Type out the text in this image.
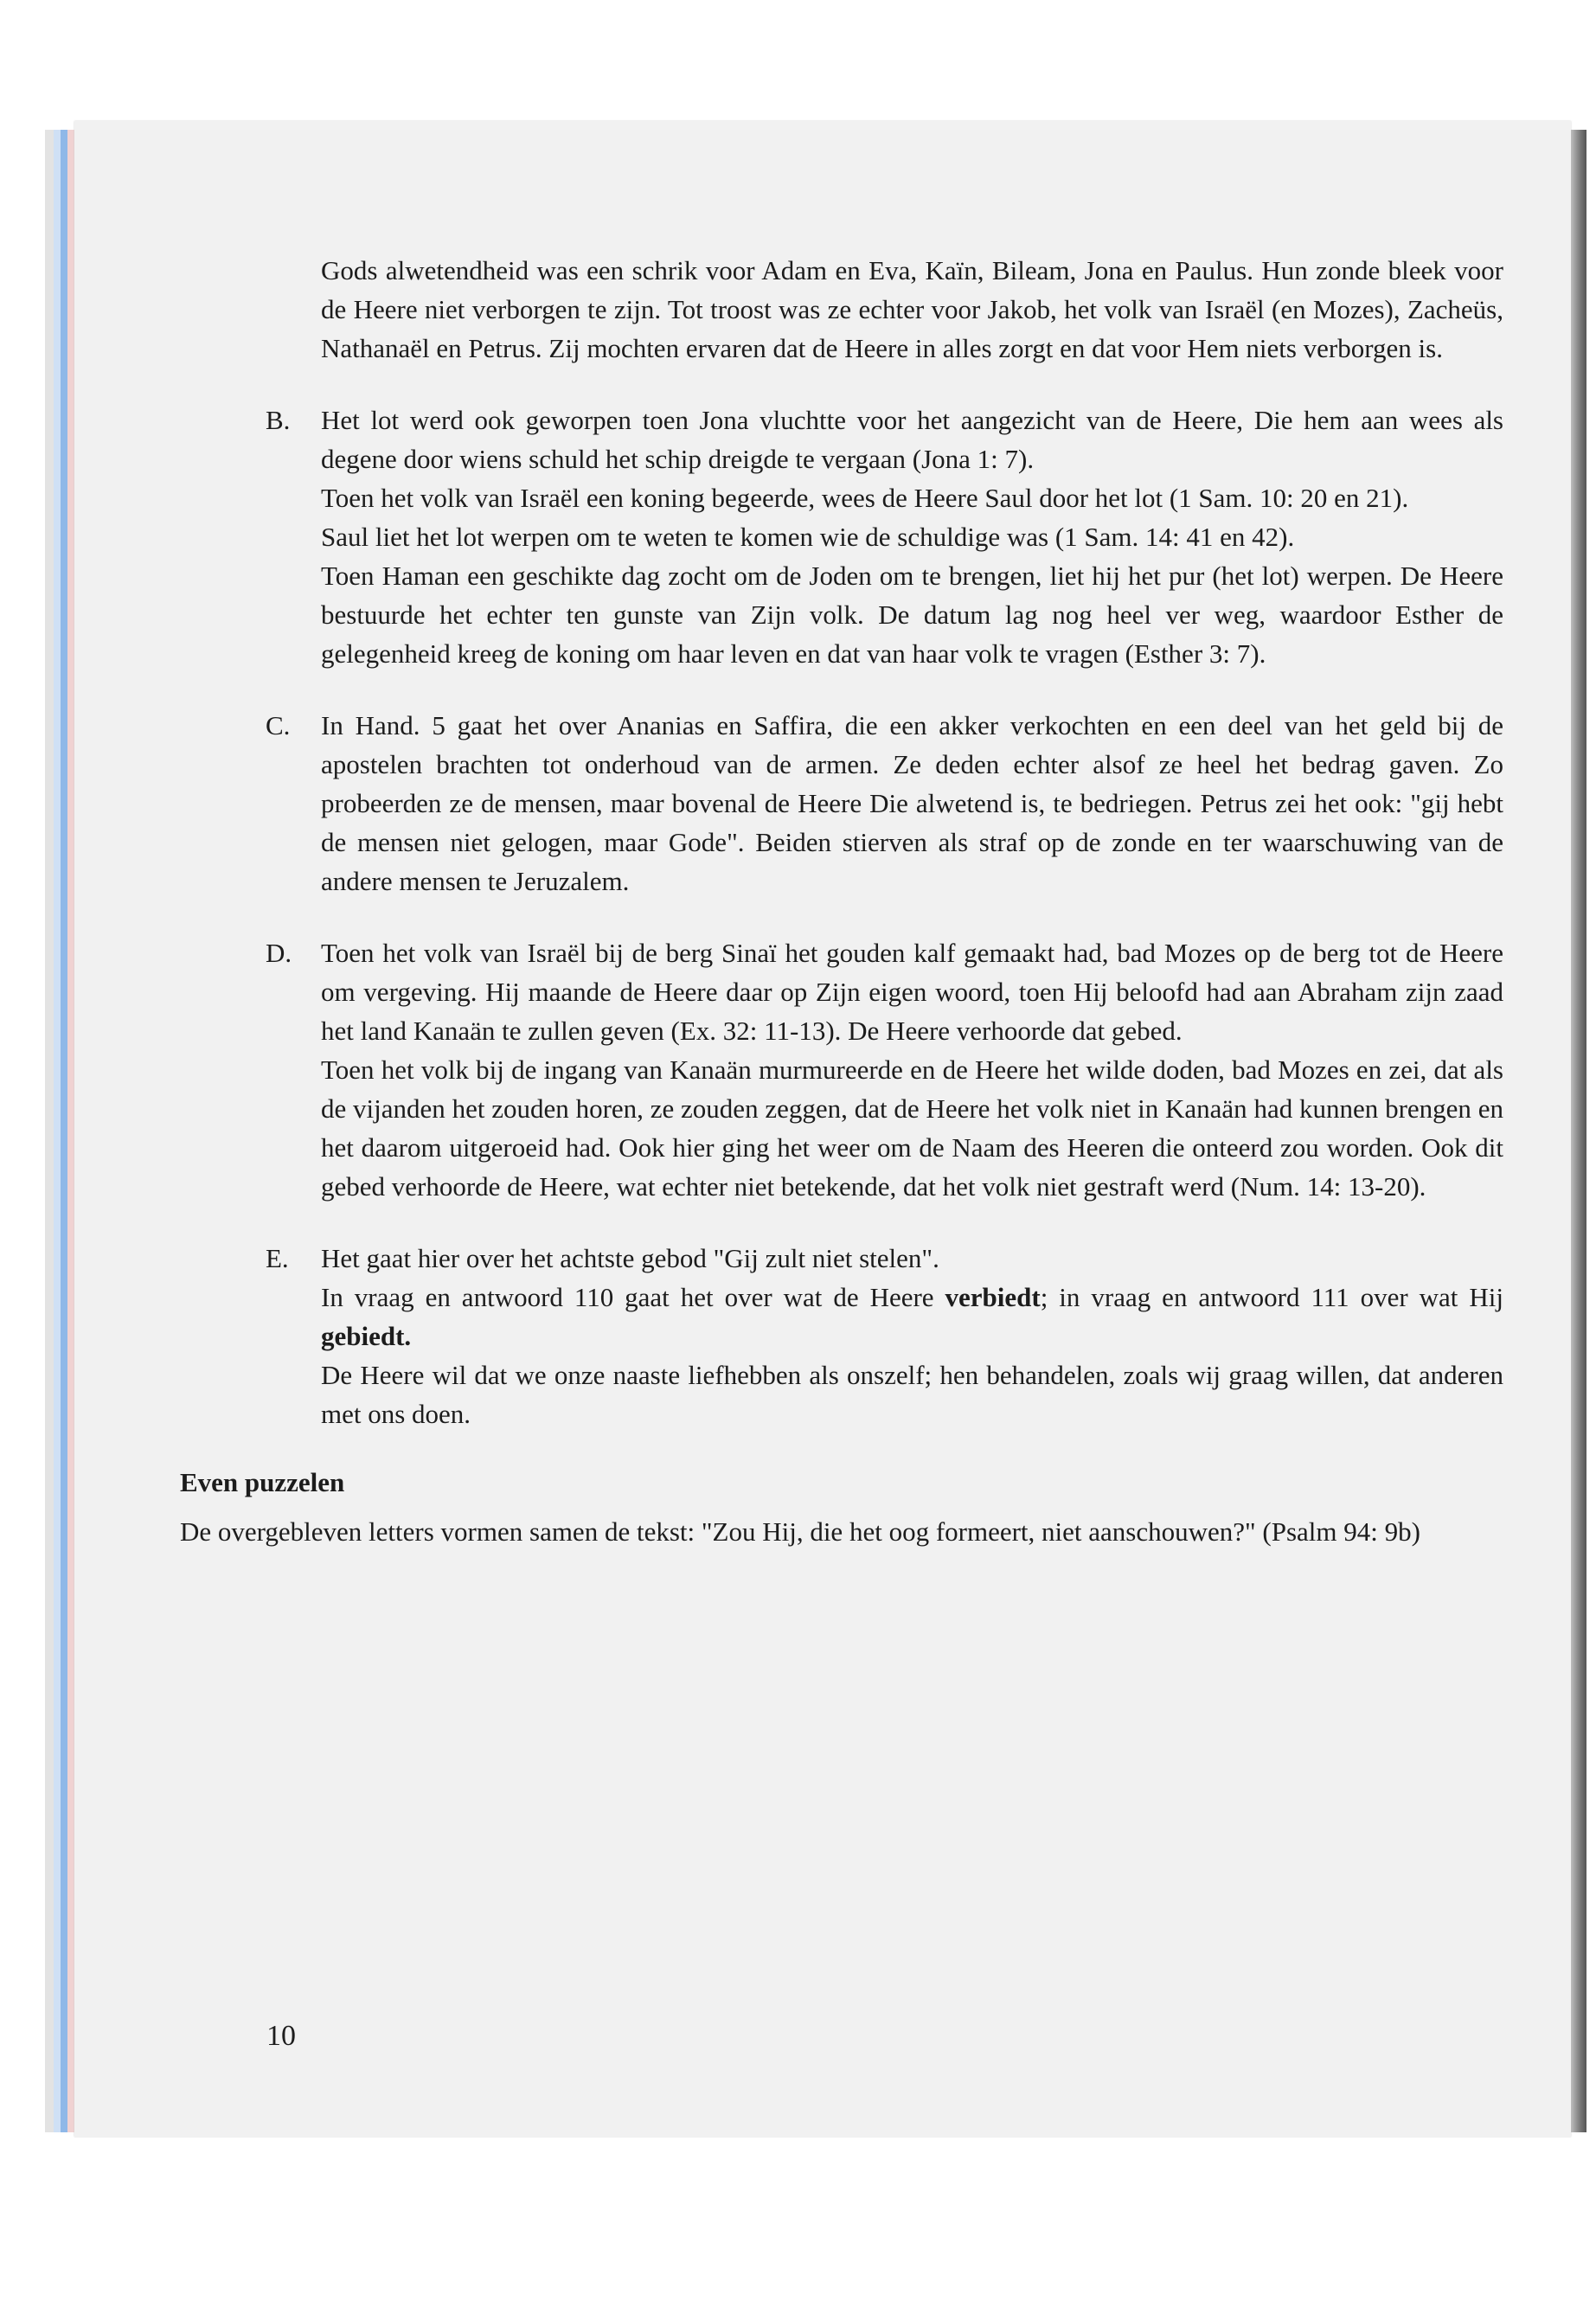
Gods alwetendheid was een schrik voor Adam en Eva, Kaïn, Bileam, Jona en Paulus. Hun zonde bleek voor de Heere niet verborgen te zijn. Tot troost was ze echter voor Jakob, het volk van Israël (en Mozes), Zacheüs, Nathanaël en Petrus. Zij mochten ervaren dat de Heere in alles zorgt en dat voor Hem niets verborgen is.

B. Het lot werd ook geworpen toen Jona vluchtte voor het aangezicht van de Heere, Die hem aan wees als degene door wiens schuld het schip dreigde te vergaan (Jona 1: 7).

Toen het volk van Israël een koning begeerde, wees de Heere Saul door het lot (1 Sam. 10: 20 en 21).

Saul liet het lot werpen om te weten te komen wie de schuldige was (1 Sam. 14: 41 en 42).

Toen Haman een geschikte dag zocht om de Joden om te brengen, liet hij het pur (het lot) werpen. De Heere bestuurde het echter ten gunste van Zijn volk. De datum lag nog heel ver weg, waardoor Esther de gelegenheid kreeg de koning om haar leven en dat van haar volk te vragen (Esther 3: 7).

C. In Hand. 5 gaat het over Ananias en Saffira, die een akker verkochten en een deel van het geld bij de apostelen brachten tot onderhoud van de armen. Ze deden echter alsof ze heel het bedrag gaven. Zo probeerden ze de mensen, maar bovenal de Heere Die alwetend is, te bedriegen. Petrus zei het ook: "gij hebt de mensen niet gelogen, maar Gode". Beiden stierven als straf op de zonde en ter waarschuwing van de andere mensen te Jeruzalem.

D. Toen het volk van Israël bij de berg Sinaï het gouden kalf gemaakt had, bad Mozes op de berg tot de Heere om vergeving. Hij maande de Heere daar op Zijn eigen woord, toen Hij beloofd had aan Abraham zijn zaad het land Kanaän te zullen geven (Ex. 32: 11-13). De Heere verhoorde dat gebed.

Toen het volk bij de ingang van Kanaän murmureerde en de Heere het wilde doden, bad Mozes en zei, dat als de vijanden het zouden horen, ze zouden zeggen, dat de Heere het volk niet in Kanaän had kunnen brengen en het daarom uitgeroeid had. Ook hier ging het weer om de Naam des Heeren die onteerd zou worden. Ook dit gebed verhoorde de Heere, wat echter niet betekende, dat het volk niet gestraft werd (Num. 14: 13-20).

E. Het gaat hier over het achtste gebod "Gij zult niet stelen".

In vraag en antwoord 110 gaat het over wat de Heere verbiedt; in vraag en antwoord 111 over wat Hij gebiedt.

De Heere wil dat we onze naaste liefhebben als onszelf; hen behandelen, zoals wij graag willen, dat anderen met ons doen.

Even puzzelen

De overgebleven letters vormen samen de tekst: "Zou Hij, die het oog formeert, niet aanschouwen?" (Psalm 94: 9b)

10
